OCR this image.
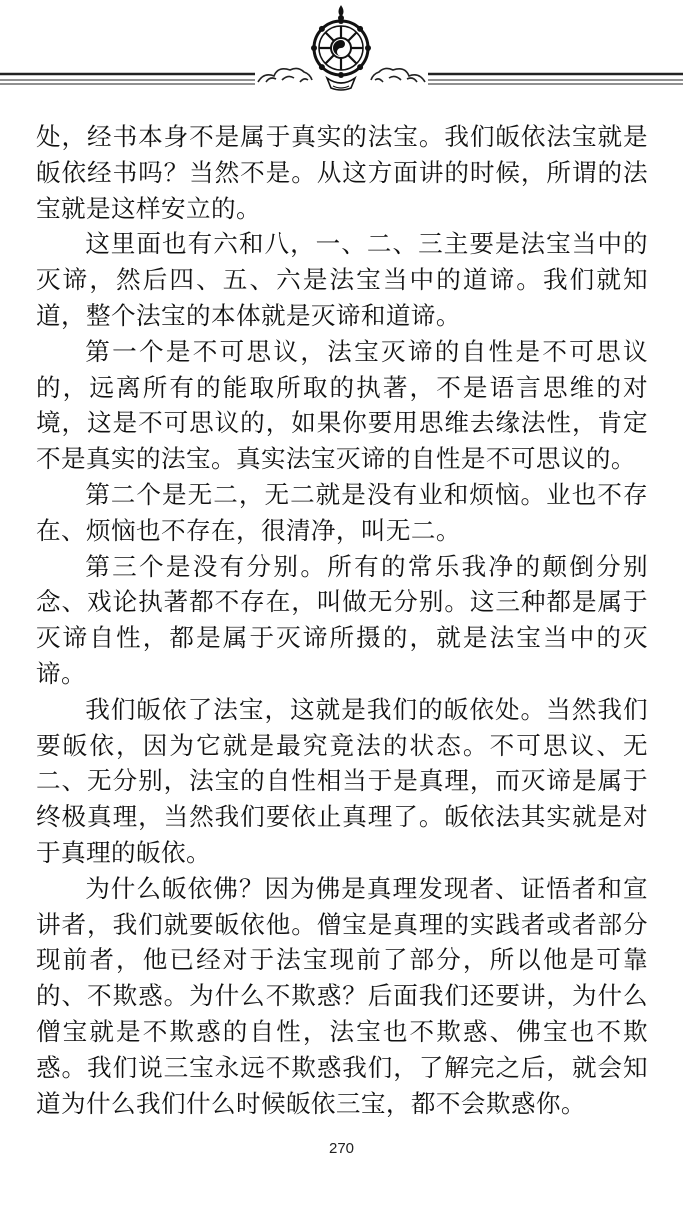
处，经书本身不是属于真实的法宝。我们皈依法宝就是皈依经书吗？当然不是。从这方面讲的时候，所谓的法宝就是这样安立的。

这里面也有六和八，一、二、三主要是法宝当中的灭谛，然后四、五、六是法宝当中的道谛。我们就知道，整个法宝的本体就是灭谛和道谛。

第一个是不可思议，法宝灭谛的自性是不可思议的，远离所有的能取所取的执著，不是语言思维的对境，这是不可思议的，如果你要用思维去缘法性，肯定不是真实的法宝。真实法宝灭谛的自性是不可思议的。

第二个是无二，无二就是没有业和烦恼。业也不存在、烦恼也不存在，很清净，叫无二。

第三个是没有分别。所有的常乐我净的颠倒分别念、戏论执著都不存在，叫做无分别。这三种都是属于灭谛自性，都是属于灭谛所摄的，就是法宝当中的灭谛。

我们皈依了法宝，这就是我们的皈依处。当然我们要皈依，因为它就是最究竟法的状态。不可思议、无二、无分别，法宝的自性相当于是真理，而灭谛是属于终极真理，当然我们要依止真理了。皈依法其实就是对于真理的皈依。

为什么皈依佛？因为佛是真理发现者、证悟者和宣讲者，我们就要皈依他。僧宝是真理的实践者或者部分现前者，他已经对于法宝现前了部分，所以他是可靠的、不欺惑。为什么不欺惑？后面我们还要讲，为什么僧宝就是不欺惑的自性，法宝也不欺惑、佛宝也不欺惑。我们说三宝永远不欺惑我们，了解完之后，就会知道为什么我们什么时候皈依三宝，都不会欺惑你。

270
